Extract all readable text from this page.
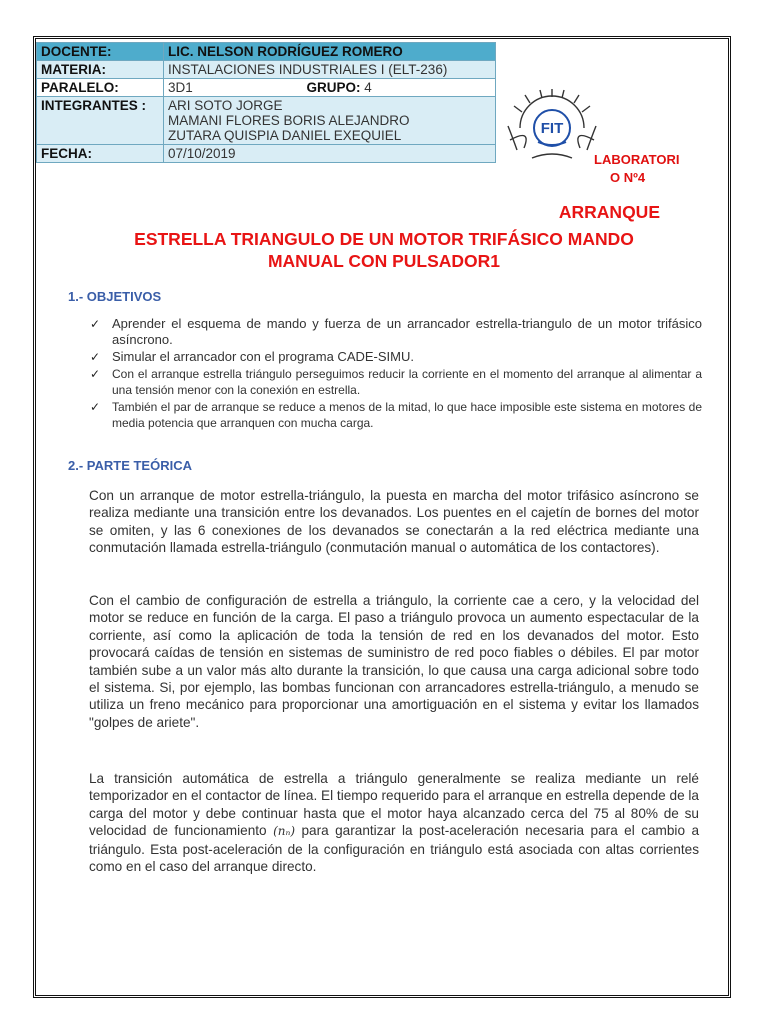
DOCENTE:	LIC. NELSON RODRÍGUEZ ROMERO
MATERIA:	INSTALACIONES INDUSTRIALES I (ELT-236)
PARALELO:	3D1 GRUPO: 4
INTEGRANTES :	ARI SOTO JORGE
MAMANI FLORES BORIS ALEJANDRO
ZUTARA QUISPIA DANIEL EXEQUIEL

FECHA:	07/10/2019
FIT
LABORATORI
O Nº4
ARRANQUE
ESTRELLA TRIANGULO DE UN MOTOR TRIFÁSICO MANDO
MANUAL CON PULSADOR1
1.- OBJETIVOS
✓ Aprender el esquema de mando y fuerza de un arrancador estrella-triangulo de un motor trifásico asíncrono.
✓ Simular el arrancador con el programa CADE-SIMU.
✓ Con el arranque estrella triángulo perseguimos reducir la corriente en el momento del arranque al alimentar a una tensión menor con la conexión en estrella.
✓ También el par de arranque se reduce a menos de la mitad, lo que hace imposible este sistema en motores de media potencia que arranquen con mucha carga.
2.- PARTE TEÓRICA

Con un arranque de motor estrella-triángulo, la puesta en marcha del motor trifásico asíncrono se realiza mediante una transición entre los devanados. Los puentes en el cajetín de bornes del motor se omiten, y las 6 conexiones de los devanados se conectarán a la red eléctrica mediante una conmutación llamada estrella-triángulo (conmutación manual o automática de los contactores).

Con el cambio de configuración de estrella a triángulo, la corriente cae a cero, y la velocidad del motor se reduce en función de la carga. El paso a triángulo provoca un aumento espectacular de la corriente, así como la aplicación de toda la tensión de red en los devanados del motor. Esto provocará caídas de tensión en sistemas de suministro de red poco fiables o débiles. El par motor también sube a un valor más alto durante la transición, lo que causa una carga adicional sobre todo el sistema. Si, por ejemplo, las bombas funcionan con arrancadores estrella-triángulo, a menudo se utiliza un freno mecánico para proporcionar una amortiguación en el sistema y evitar los llamados "golpes de ariete".

La transición automática de estrella a triángulo generalmente se realiza mediante un relé temporizador en el contactor de línea. El tiempo requerido para el arranque en estrella depende de la carga del motor y debe continuar hasta que el motor haya alcanzado cerca del 75 al 80% de su velocidad de funcionamiento (nₙ) para garantizar la post-aceleración necesaria para el cambio a triángulo. Esta post-aceleración de la configuración en triángulo está asociada con altas corrientes como en el caso del arranque directo.
